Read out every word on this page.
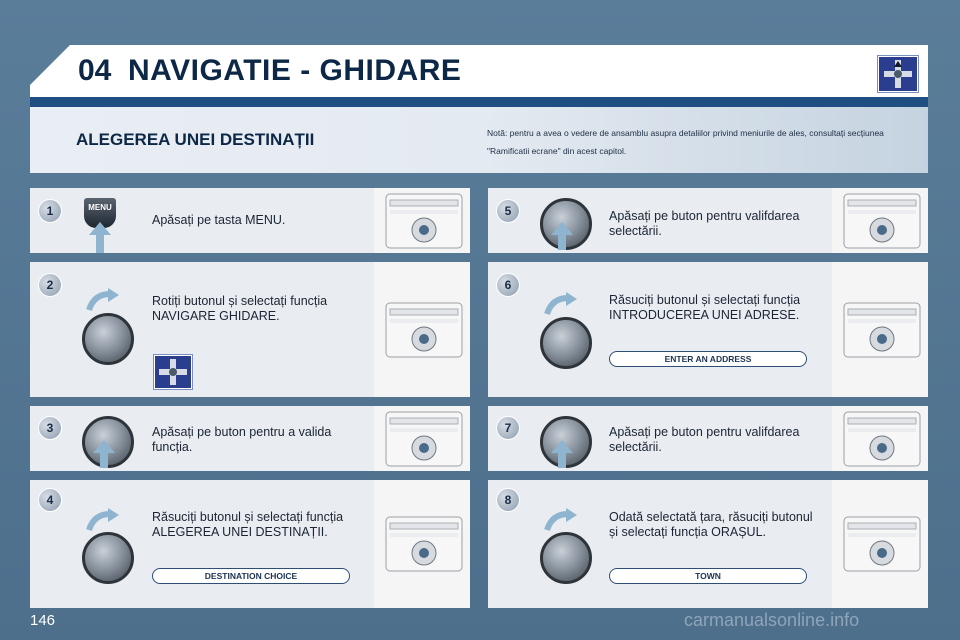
04 NAVIGATIE - GHIDARE
ALEGEREA UNEI DESTINAȚII	Notă: pentru a avea o vedere de ansamblu asupra detaliilor privind meniurile de ales, consultați secțiunea "Ramificatii ecrane" din acest capitol.
1
2
3
4
5
6
7
8
MENU
Apăsați pe tasta MENU.
Rotiți butonul și selectați funcția NAVIGARE GHIDARE.
Apăsați pe buton pentru a valida funcția.
Răsuciți butonul și selectați funcția ALEGEREA UNEI DESTINAȚII.
DESTINATION CHOICE
Apăsați pe buton pentru valifdarea selectării.
Răsuciți butonul și selectați funcția INTRODUCEREA UNEI ADRESE.
ENTER AN ADDRESS
Apăsați pe buton pentru valifdarea selectării.
Odată selectată țara, răsuciți butonul și selectați funcția ORAȘUL.
TOWN
146	carmanualsonline.info
